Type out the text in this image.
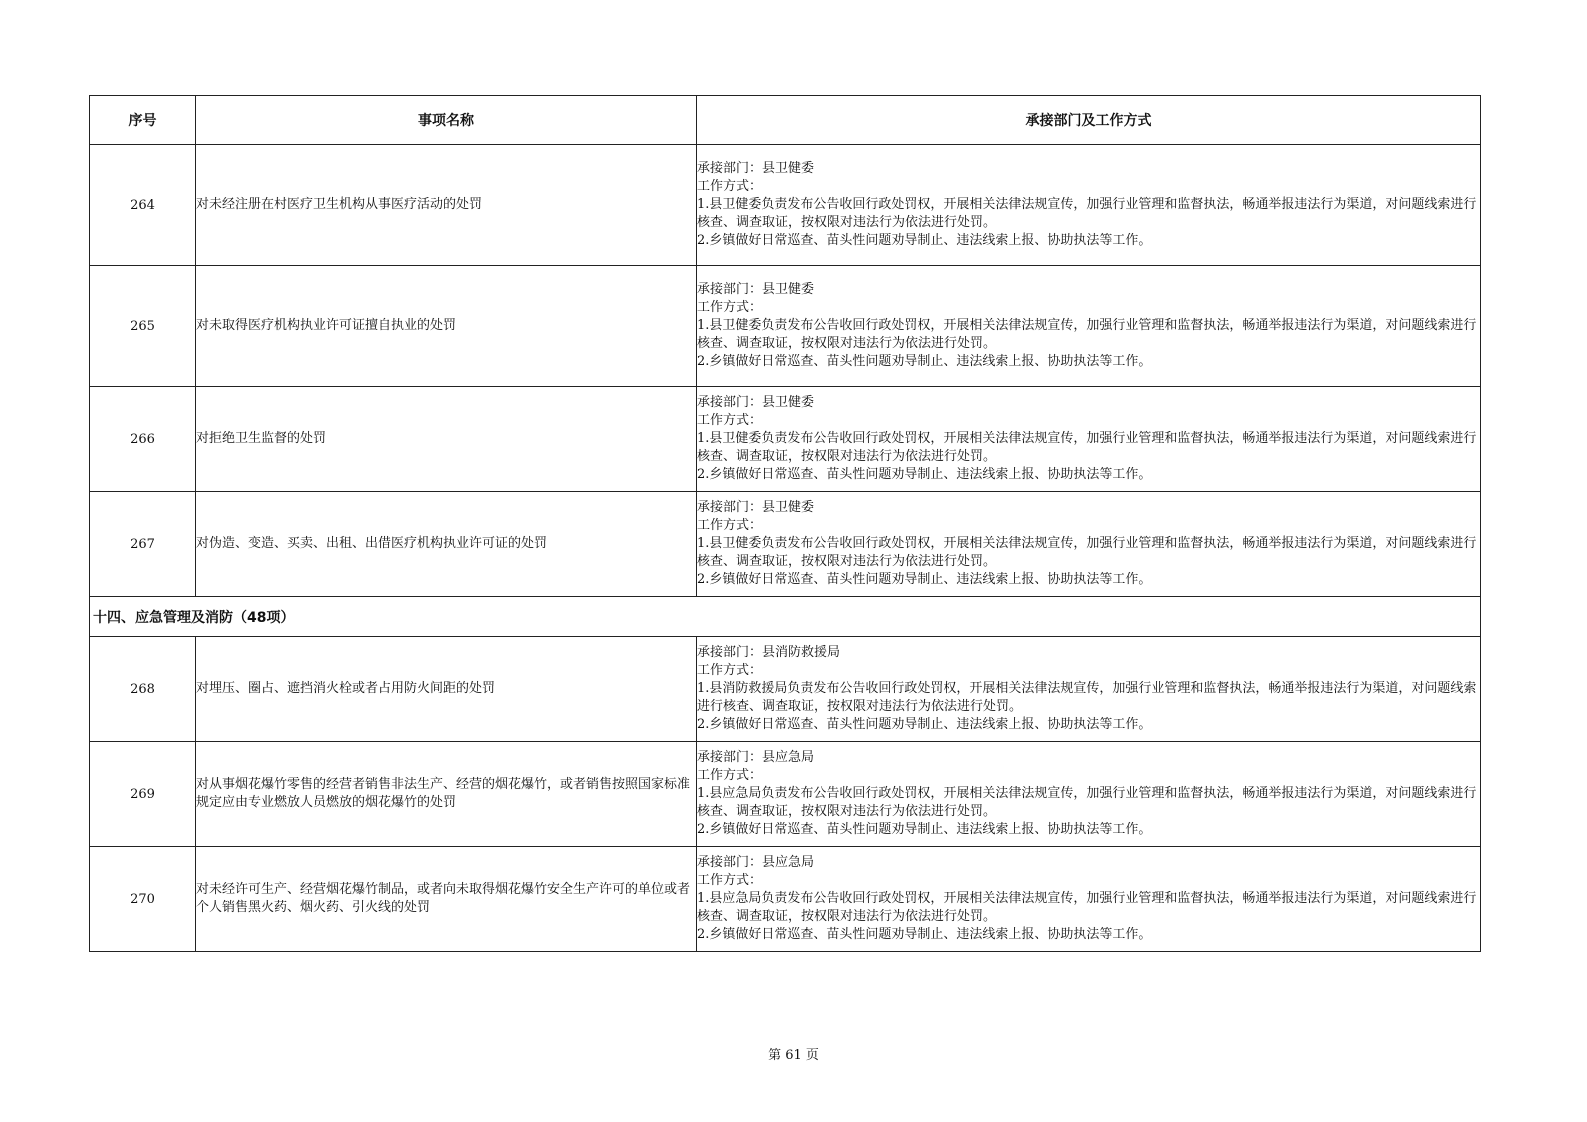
序号	事项名称	承接部门及工作方式
264	对未经注册在村医疗卫生机构从事医疗活动的处罚	承接部门：县卫健委
工作方式：
1.县卫健委负责发布公告收回行政处罚权，开展相关法律法规宣传，加强行业管理和监督执法，畅通举报违法行为渠道，对问题线索进行核查、调查取证，按权限对违法行为依法进行处罚。
2.乡镇做好日常巡查、苗头性问题劝导制止、违法线索上报、协助执法等工作。

265	对未取得医疗机构执业许可证擅自执业的处罚	承接部门：县卫健委
工作方式：
1.县卫健委负责发布公告收回行政处罚权，开展相关法律法规宣传，加强行业管理和监督执法，畅通举报违法行为渠道，对问题线索进行核查、调查取证，按权限对违法行为依法进行处罚。
2.乡镇做好日常巡查、苗头性问题劝导制止、违法线索上报、协助执法等工作。

266	对拒绝卫生监督的处罚	承接部门：县卫健委
工作方式：
1.县卫健委负责发布公告收回行政处罚权，开展相关法律法规宣传，加强行业管理和监督执法，畅通举报违法行为渠道，对问题线索进行核查、调查取证，按权限对违法行为依法进行处罚。
2.乡镇做好日常巡查、苗头性问题劝导制止、违法线索上报、协助执法等工作。

267	对伪造、变造、买卖、出租、出借医疗机构执业许可证的处罚	承接部门：县卫健委
工作方式：
1.县卫健委负责发布公告收回行政处罚权，开展相关法律法规宣传，加强行业管理和监督执法，畅通举报违法行为渠道，对问题线索进行核查、调查取证，按权限对违法行为依法进行处罚。
2.乡镇做好日常巡查、苗头性问题劝导制止、违法线索上报、协助执法等工作。

十四、应急管理及消防（48项）		
268	对埋压、圈占、遮挡消火栓或者占用防火间距的处罚	承接部门：县消防救援局
工作方式：
1.县消防救援局负责发布公告收回行政处罚权，开展相关法律法规宣传，加强行业管理和监督执法，畅通举报违法行为渠道，对问题线索进行核查、调查取证，按权限对违法行为依法进行处罚。
2.乡镇做好日常巡查、苗头性问题劝导制止、违法线索上报、协助执法等工作。

269	对从事烟花爆竹零售的经营者销售非法生产、经营的烟花爆竹，或者销售按照国家标准规定应由专业燃放人员燃放的烟花爆竹的处罚	承接部门：县应急局
工作方式：
1.县应急局负责发布公告收回行政处罚权，开展相关法律法规宣传，加强行业管理和监督执法，畅通举报违法行为渠道，对问题线索进行核查、调查取证，按权限对违法行为依法进行处罚。
2.乡镇做好日常巡查、苗头性问题劝导制止、违法线索上报、协助执法等工作。

270	对未经许可生产、经营烟花爆竹制品，或者向未取得烟花爆竹安全生产许可的单位或者个人销售黑火药、烟火药、引火线的处罚	承接部门：县应急局
工作方式：
1.县应急局负责发布公告收回行政处罚权，开展相关法律法规宣传，加强行业管理和监督执法，畅通举报违法行为渠道，对问题线索进行核查、调查取证，按权限对违法行为依法进行处罚。
2.乡镇做好日常巡查、苗头性问题劝导制止、违法线索上报、协助执法等工作。
第 61 页
